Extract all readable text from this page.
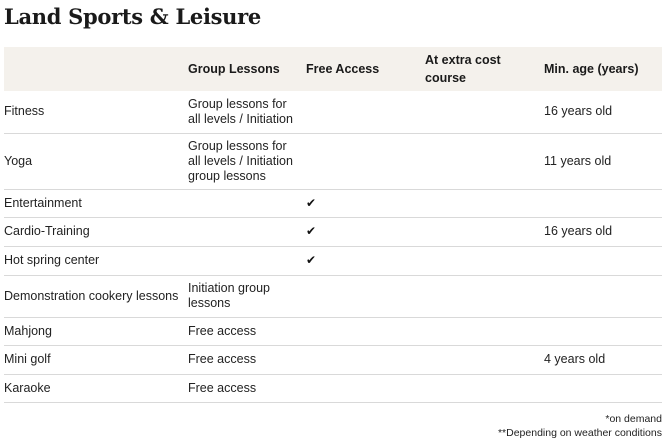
Land Sports & Leisure
	Group Lessons	Free Access	At extra cost course	Min. age (years)
Fitness	Group lessons for all levels / Initiation			16 years old
Yoga	Group lessons for all levels / Initiation group lessons			11 years old
Entertainment		✔		
Cardio-Training		✔		16 years old
Hot spring center		✔		
Demonstration cookery lessons	Initiation group lessons			
Mahjong	Free access			
Mini golf	Free access			4 years old
Karaoke	Free access			
*on demand
**Depending on weather conditions
